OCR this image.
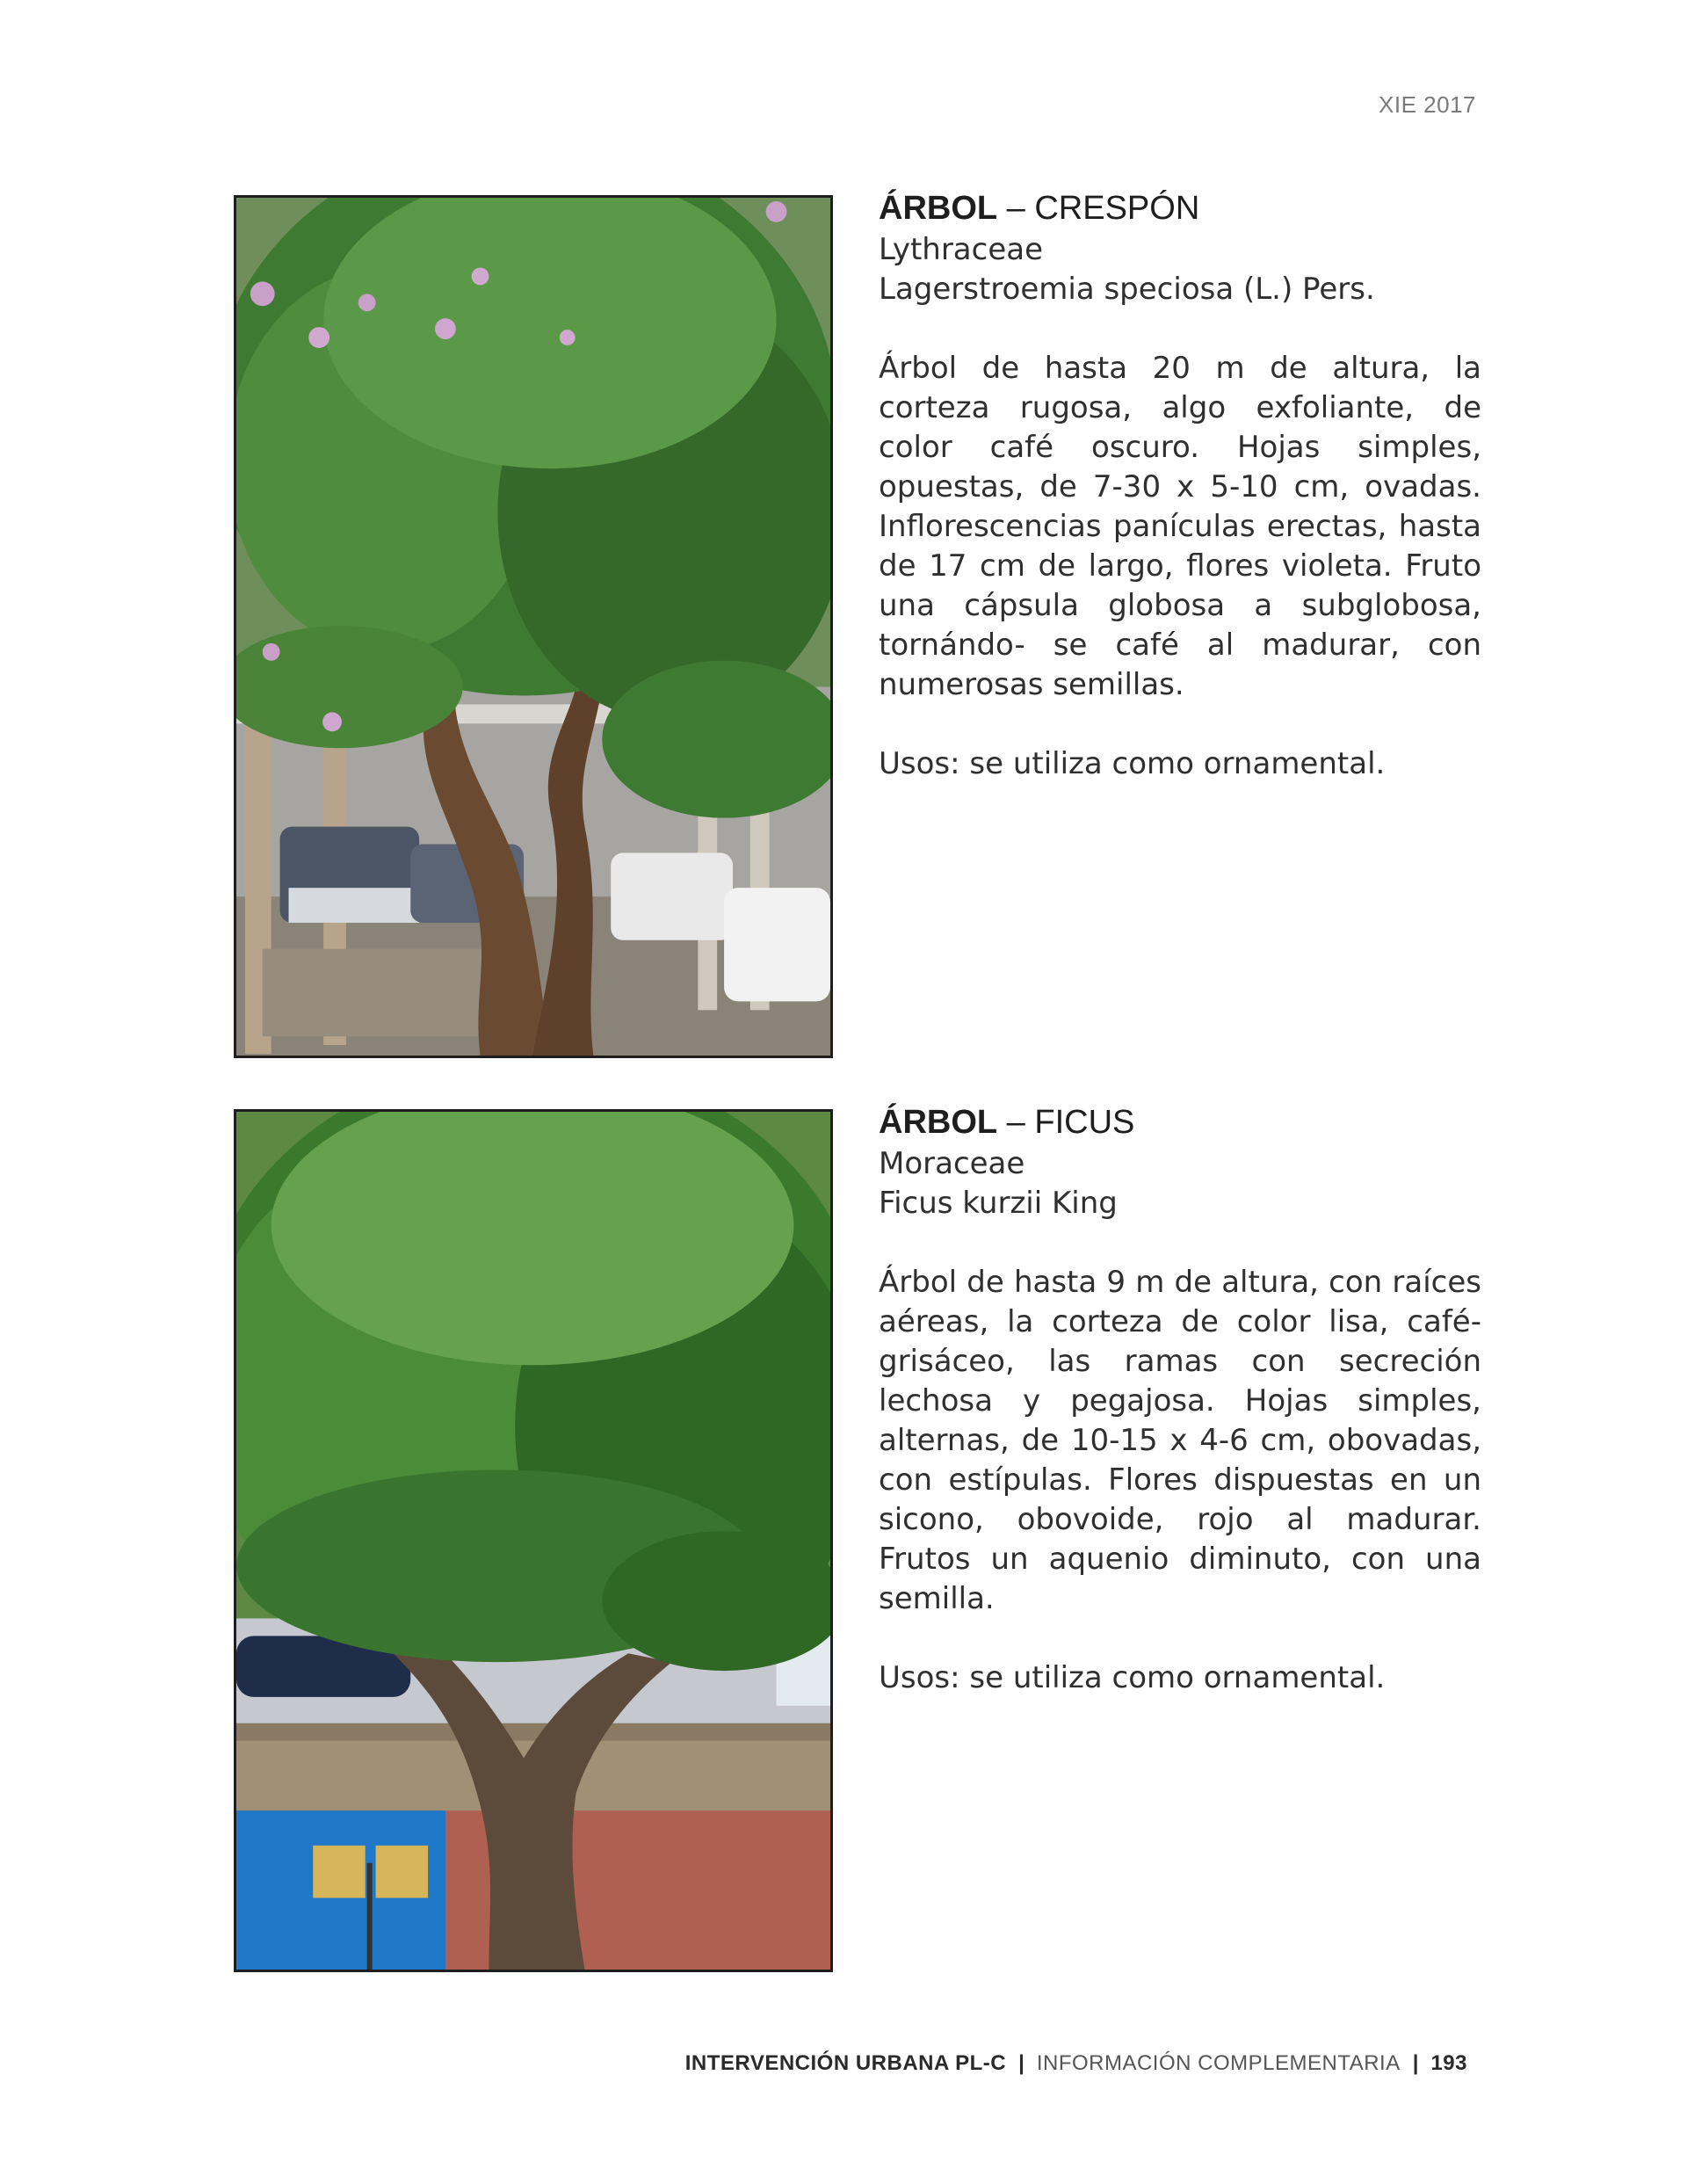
XIE 2017
ÁRBOL – CRESPÓN
Lythraceae
Lagerstroemia speciosa (L.) Pers.

Árbol de hasta 20 m de altura, la corteza rugosa, algo exfoliante, de color café oscuro. Hojas simples, opuestas, de 7-30 x 5-10 cm, ovadas. Inflorescencias panículas erectas, hasta de 17 cm de largo, flores violeta. Fruto una cápsula globosa a subglobosa, tornándo- se café al madurar, con numerosas semillas.

Usos: se utiliza como ornamental.

ÁRBOL – FICUS
Moraceae
Ficus kurzii King

Árbol de hasta 9 m de altura, con raíces aéreas, la corteza de color lisa, café-grisáceo, las ramas con secreción lechosa y pegajosa. Hojas simples, alternas, de 10-15 x 4-6 cm, obovadas, con estípulas. Flores dispuestas en un sicono, obovoide, rojo al madurar. Frutos un aquenio diminuto, con una semilla.

Usos: se utiliza como ornamental.

INTERVENCIÓN URBANA PL-C | INFORMACIÓN COMPLEMENTARIA | 193
